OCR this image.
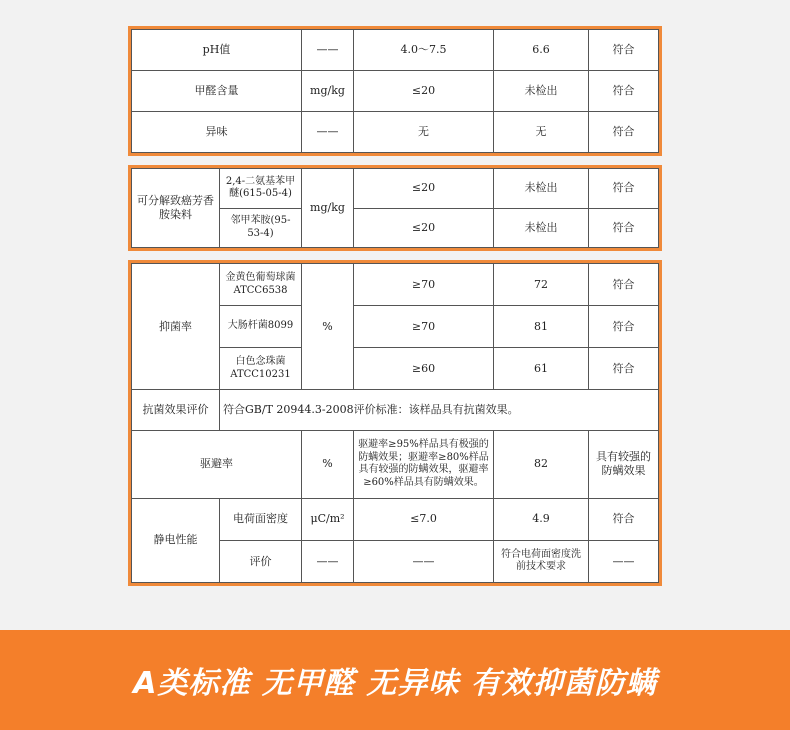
pH值	——	4.0～7.5	6.6	符合
甲醛含量	mg/kg	≤20	未检出	符合
异味	——	无	无	符合
可分解致癌芳香胺染料	2,4-二氨基苯甲醚(615-05-4)	mg/kg	≤20	未检出	符合
	邻甲苯胺(95-53-4)		≤20	未检出	符合
抑菌率	金黄色葡萄球菌ATCC6538	%	≥70	72	符合
	大肠杆菌8099		≥70	81	符合
	白色念珠菌ATCC10231		≥60	61	符合
抗菌效果评价	符合GB/T 20944.3-2008评价标准：该样品具有抗菌效果。				
驱避率		%	驱避率≥95%样品具有极强的防螨效果；驱避率≥80%样品具有较强的防螨效果，驱避率≥60%样品具有防螨效果。	82	具有较强的防螨效果
静电性能	电荷面密度	μC/m²	≤7.0	4.9	符合
	评价	——	——	符合电荷面密度洗前技术要求	——
A类标准 无甲醛 无异味 有效抑菌防螨
